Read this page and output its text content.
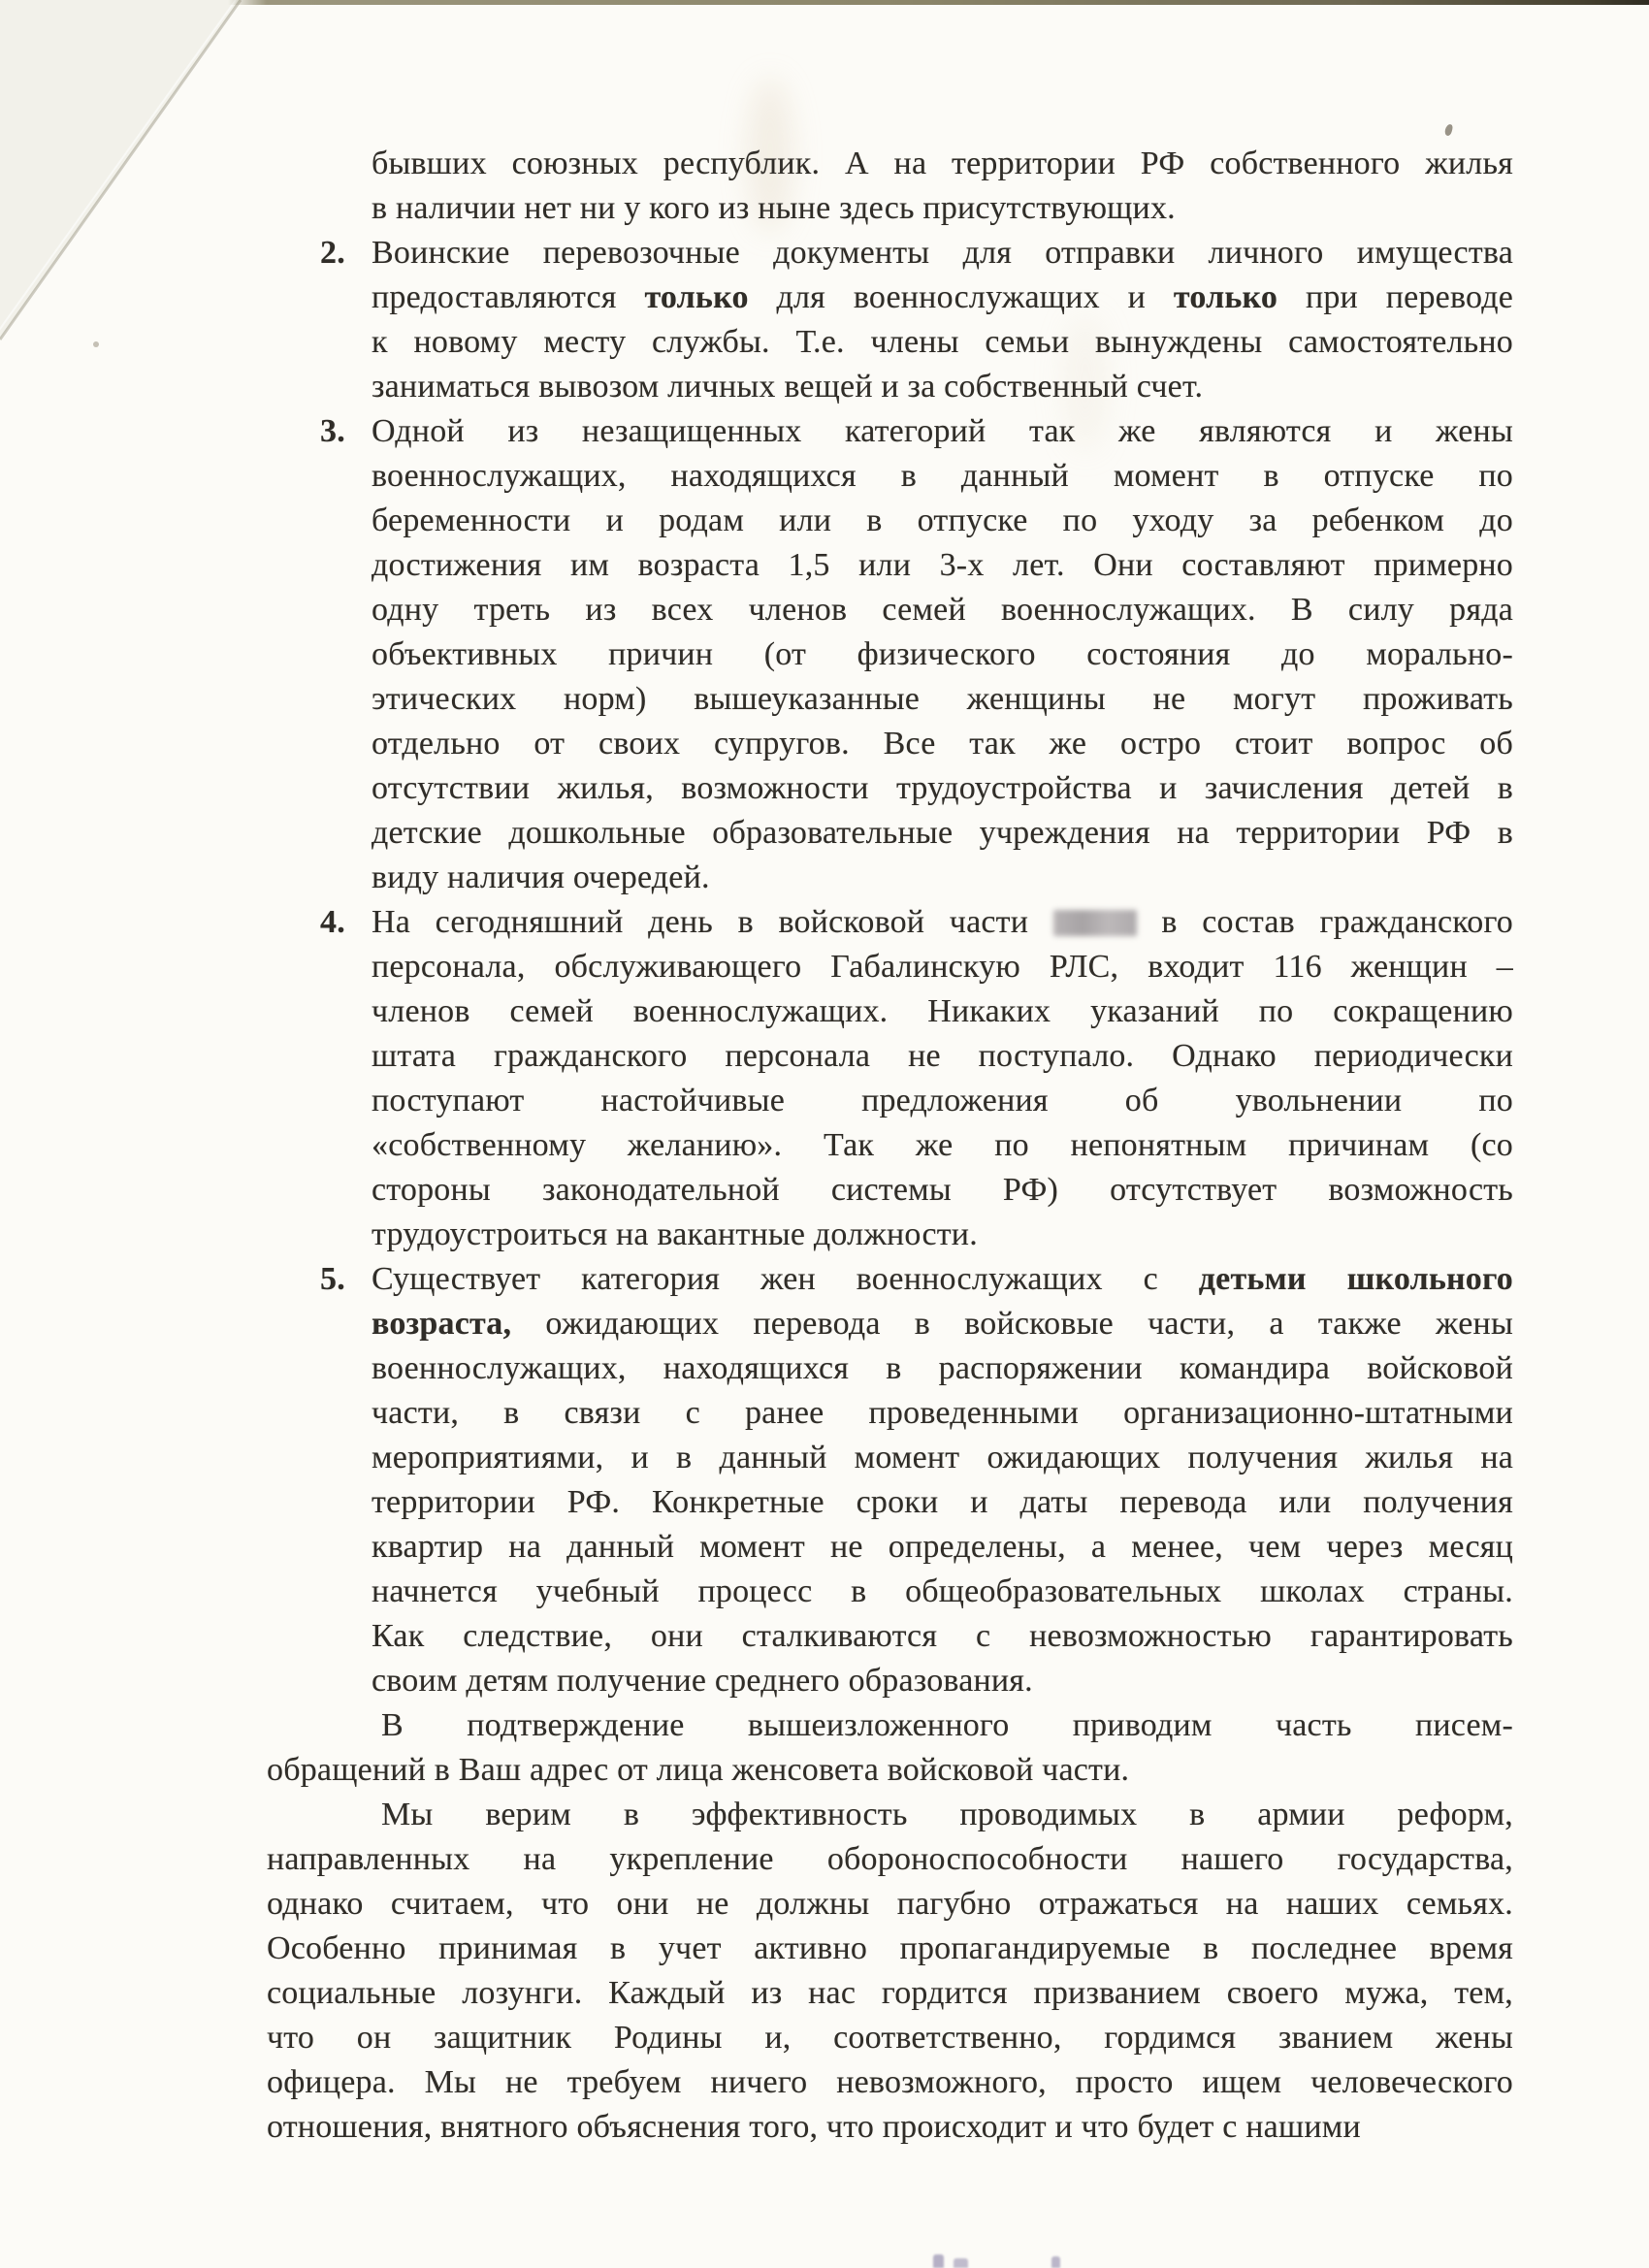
бывших союзных республик. А на территории РФ собственного жилья
в наличии нет ни у кого из ныне здесь присутствующих.
2. Воинские перевозочные документы для отправки личного имущества
предоставляются только для военнослужащих и только при переводе
к новому месту службы. Т.е. члены семьи вынуждены самостоятельно
заниматься вывозом личных вещей и за собственный счет.
3. Одной из незащищенных категорий так же являются и жены
военнослужащих, находящихся в данный момент в отпуске по
беременности и родам или в отпуске по уходу за ребенком до
достижения им возраста 1,5 или 3-х лет. Они составляют примерно
одну треть из всех членов семей военнослужащих. В силу ряда
объективных причин (от физического состояния до морально-
этических норм) вышеуказанные женщины не могут проживать
отдельно от своих супругов. Все так же остро стоит вопрос об
отсутствии жилья, возможности трудоустройства и зачисления детей в
детские дошкольные образовательные учреждения на территории РФ в
виду наличия очередей.
4. На сегодняшний день в войсковой части	в состав гражданского
персонала, обслуживающего Габалинскую РЛС, входит 116 женщин –
членов семей военнослужащих. Никаких указаний по сокращению
штата гражданского персонала не поступало. Однако периодически
поступают настойчивые предложения об увольнении по
«собственному желанию». Так же по непонятным причинам (со
стороны законодательной системы РФ) отсутствует возможность
трудоустроиться на вакантные должности.
5. Существует категория жен военнослужащих с детьми школьного
возраста, ожидающих перевода в войсковые части, а также жены
военнослужащих, находящихся в распоряжении командира войсковой
части, в связи с ранее проведенными организационно-штатными
мероприятиями, и в данный момент ожидающих получения жилья на
территории РФ. Конкретные сроки и даты перевода или получения
квартир на данный момент не определены, а менее, чем через месяц
начнется учебный процесс в общеобразовательных школах страны.
Как следствие, они сталкиваются с невозможностью гарантировать
своим детям получение среднего образования.
В подтверждение вышеизложенного приводим часть писем-
обращений в Ваш адрес от лица женсовета войсковой части.
Мы верим в эффективность проводимых в армии реформ,
направленных на укрепление обороноспособности нашего государства,
однако считаем, что они не должны пагубно отражаться на наших семьях.
Особенно принимая в учет активно пропагандируемые в последнее время
социальные лозунги. Каждый из нас гордится призванием своего мужа, тем,
что он защитник Родины и, соответственно, гордимся званием жены
офицера. Мы не требуем ничего невозможного, просто ищем человеческого
отношения, внятного объяснения того, что происходит и что будет с нашими
